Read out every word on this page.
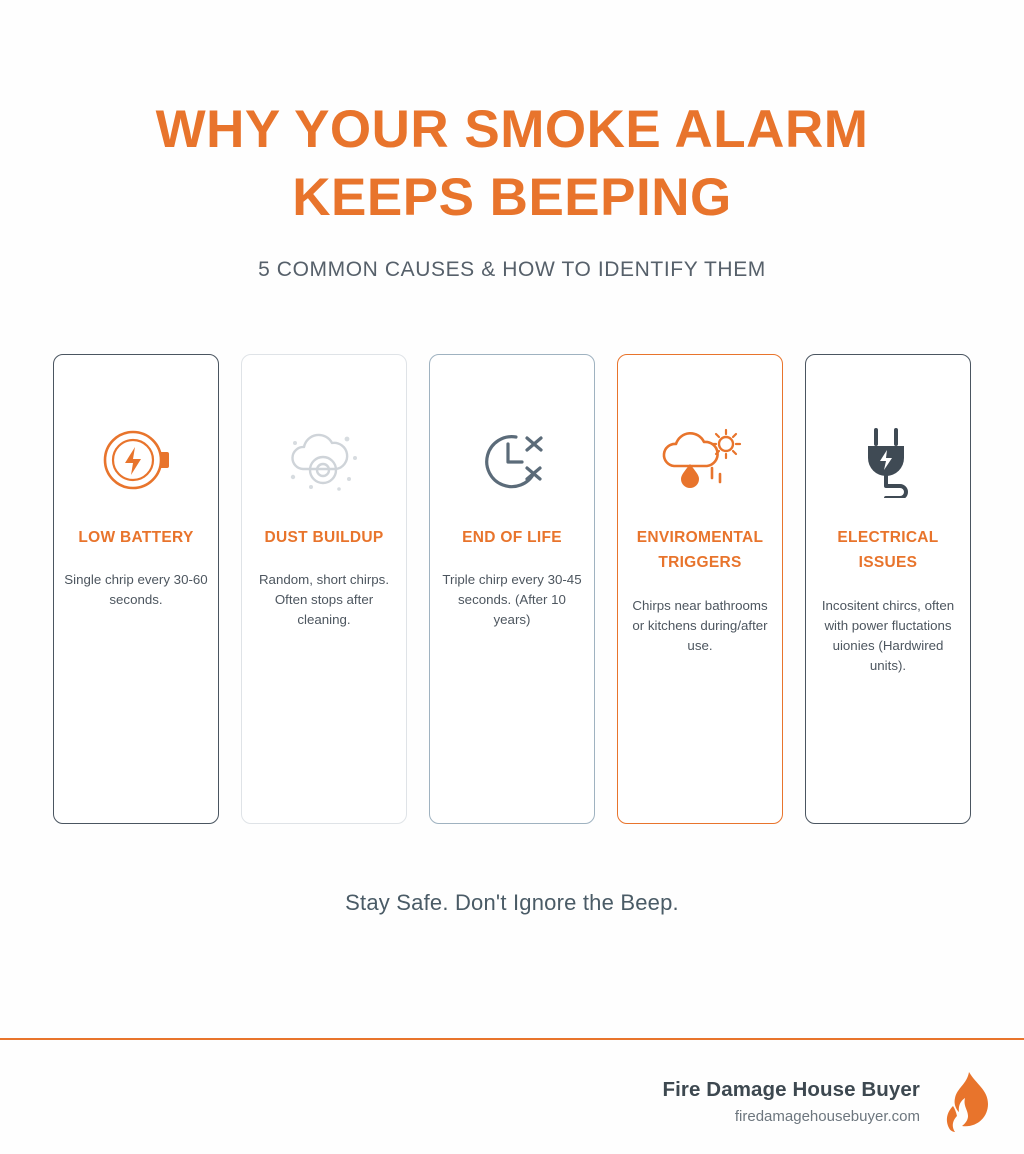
WHY YOUR SMOKE ALARM
KEEPS BEEPING
5 COMMON CAUSES & HOW TO IDENTIFY THEM
LOW BATTERY
Single chrip every 30-60 seconds.
DUST BUILDUP
Random, short chirps. Often stops after cleaning.
END OF LIFE
Triple chirp every 30-45 seconds. (After 10 years)
ENVIROMENTAL TRIGGERS
Chirps near bathrooms or kitchens during/after use.
ELECTRICAL ISSUES
Incositent chircs, often with power fluctations uionies (Hardwired units).
Stay Safe. Don't Ignore the Beep.
Fire Damage House Buyer
firedamagehousebuyer.com
